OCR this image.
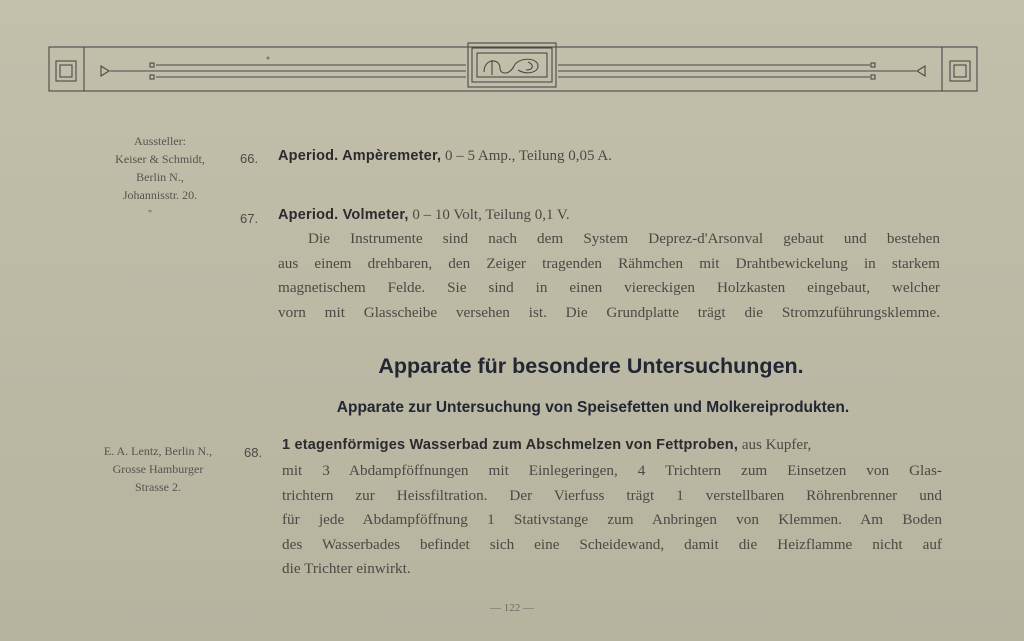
Aussteller:
Keiser & Schmidt,
Berlin N.,
Johannisstr. 20.
"
E. A. Lentz, Berlin N.,
Grosse Hamburger
Strasse 2.
66. Aperiod. Ampèremeter, 0 – 5 Amp., Teilung 0,05 A.
67. Aperiod. Volmeter, 0 – 10 Volt, Teilung 0,1 V.

Die Instrumente sind nach dem System Deprez-d'Arsonval gebaut und bestehen

aus einem drehbaren, den Zeiger tragenden Rähmchen mit Drahtbewickelung in starkem

magnetischem Felde. Sie sind in einen viereckigen Holzkasten eingebaut, welcher

vorn mit Glasscheibe versehen ist. Die Grundplatte trägt die Stromzuführungsklemme.

Apparate für besondere Untersuchungen.
Apparate zur Untersuchung von Speisefetten und Molkereiprodukten.
68. 1 etagenförmiges Wasserbad zum Abschmelzen von Fettproben, aus Kupfer,

mit 3 Abdampföffnungen mit Einlegeringen, 4 Trichtern zum Einsetzen von Glas-

trichtern zur Heissfiltration. Der Vierfuss trägt 1 verstellbaren Röhrenbrenner und

für jede Abdampföffnung 1 Stativstange zum Anbringen von Klemmen. Am Boden

des Wasserbades befindet sich eine Scheidewand, damit die Heizflamme nicht auf

die Trichter einwirkt.

— 122 —
